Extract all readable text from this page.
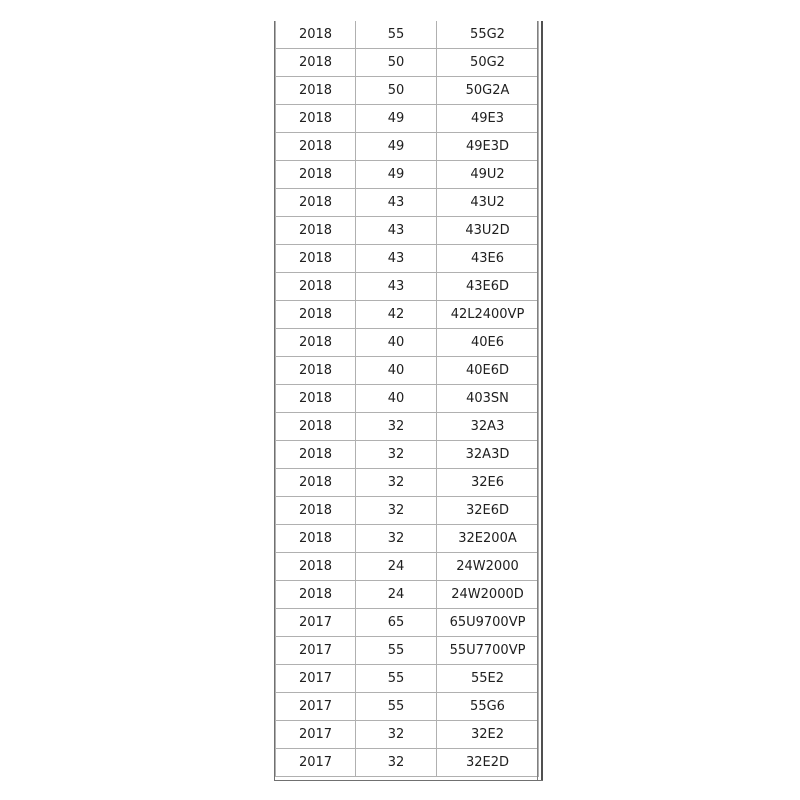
2018	55	55G2
2018	50	50G2
2018	50	50G2A
2018	49	49E3
2018	49	49E3D
2018	49	49U2
2018	43	43U2
2018	43	43U2D
2018	43	43E6
2018	43	43E6D
2018	42	42L2400VP
2018	40	40E6
2018	40	40E6D
2018	40	403SN
2018	32	32A3
2018	32	32A3D
2018	32	32E6
2018	32	32E6D
2018	32	32E200A
2018	24	24W2000
2018	24	24W2000D
2017	65	65U9700VP
2017	55	55U7700VP
2017	55	55E2
2017	55	55G6
2017	32	32E2
2017	32	32E2D
